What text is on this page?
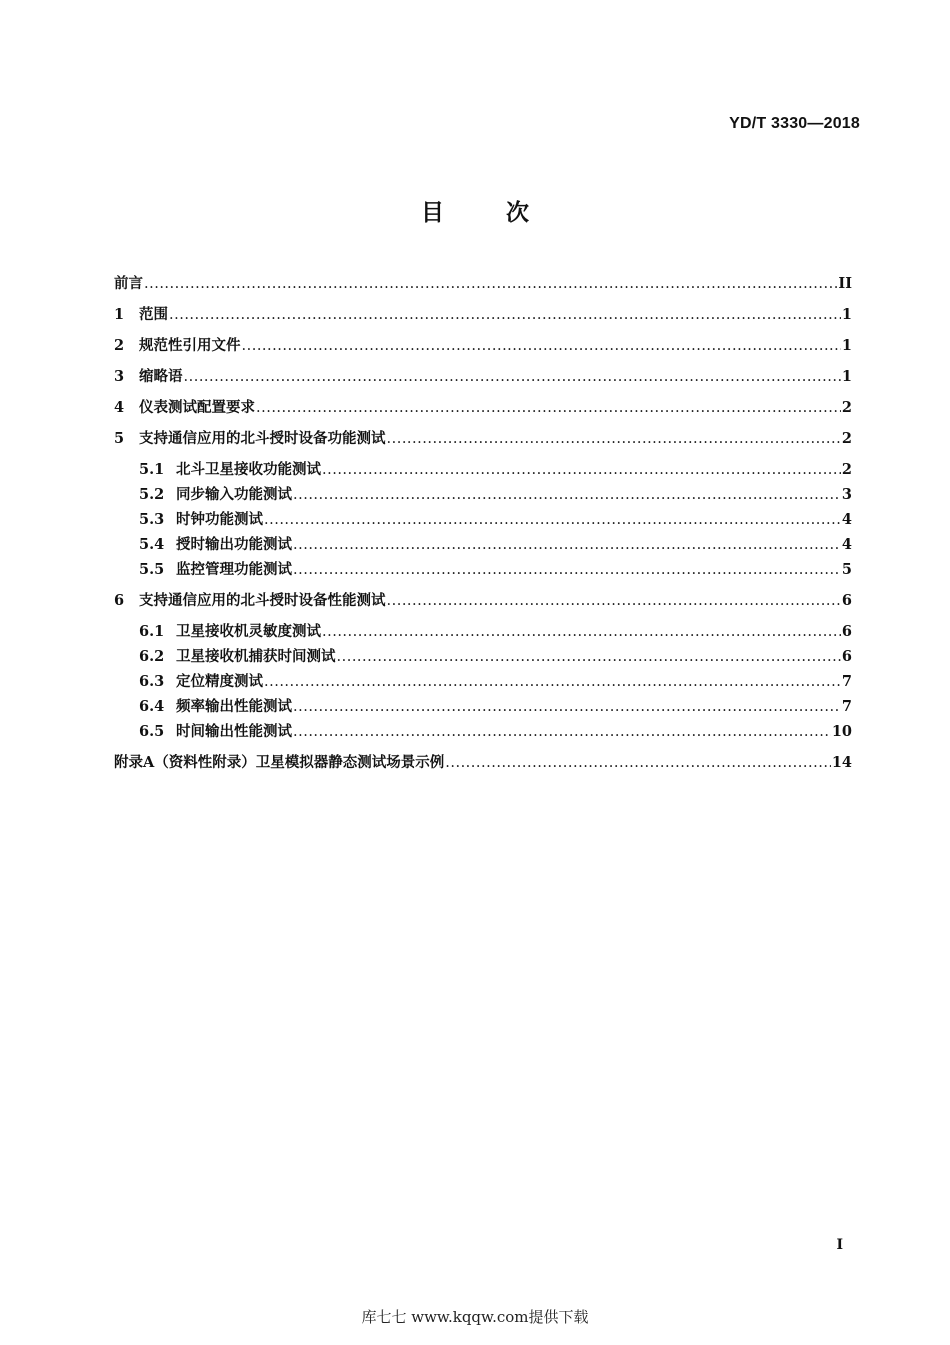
YD/T 3330—2018
目次
前言 .....	II
1	范围 .....	1
2	规范性引用文件 .....	1
3	缩略语 .....	1
4	仪表测试配置要求 .....	2
5	支持通信应用的北斗授时设备功能测试 .....	2
5.1 北斗卫星接收功能测试 .....	2
5.2 同步输入功能测试 .....	3
5.3 时钟功能测试 .....	4
5.4 授时输出功能测试 .....	4
5.5 监控管理功能测试 .....	5
6	支持通信应用的北斗授时设备性能测试 .....	6
6.1 卫星接收机灵敏度测试 .....	6
6.2 卫星接收机捕获时间测试 .....	6
6.3 定位精度测试 .....	7
6.4 频率输出性能测试 .....	7
6.5 时间输出性能测试 .....	10
附录A（资料性附录）卫星模拟器静态测试场景示例 .....	14
I
库七七 www.kqqw.com提供下载
